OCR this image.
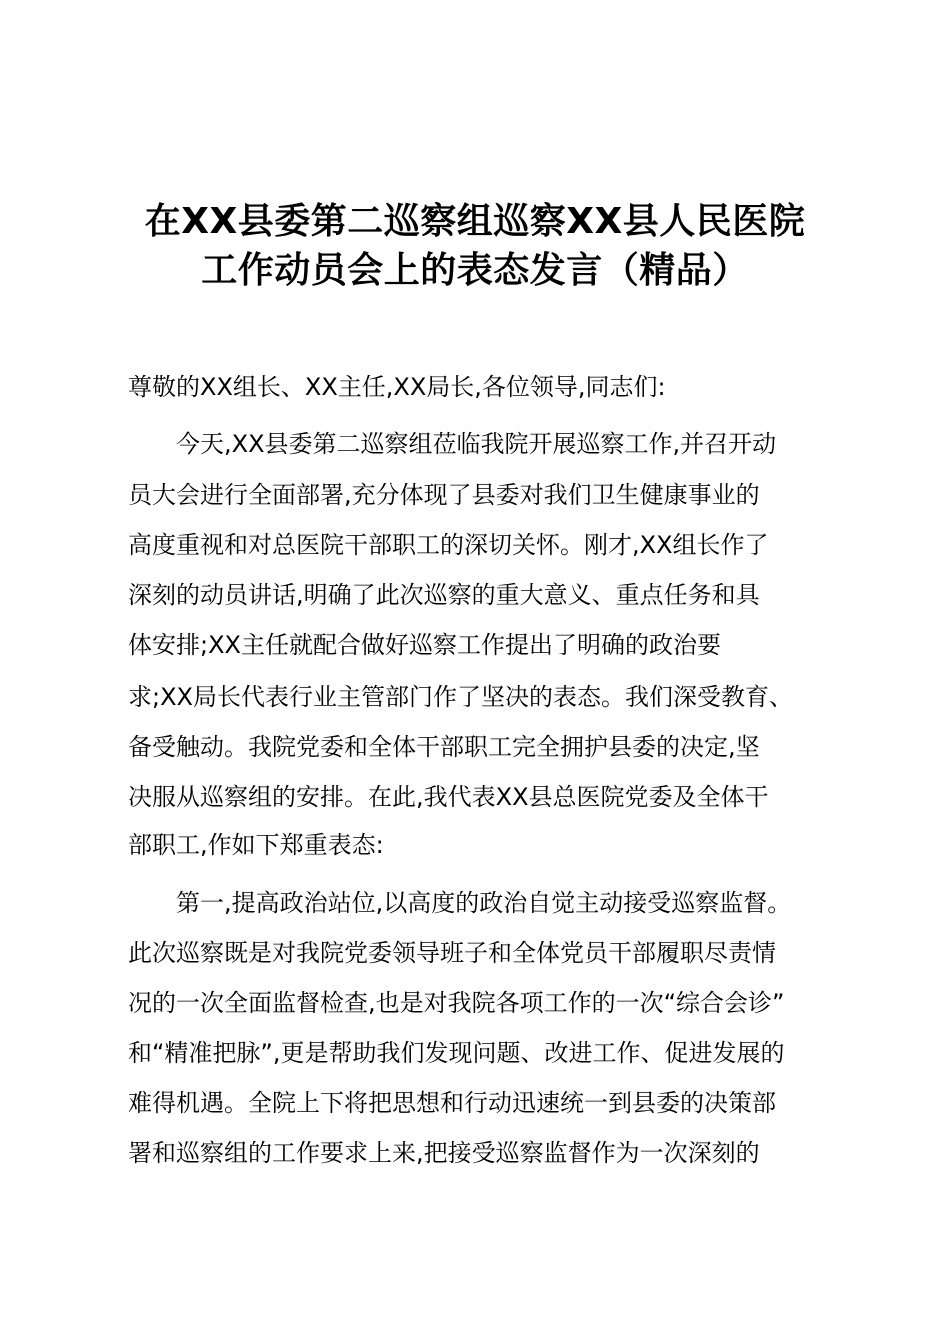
在XX县委第二巡察组巡察XX县人民医院
工作动员会上的表态发言（精品）
尊敬的XX组长、XX主任,XX局长,各位领导,同志们:
今天,XX县委第二巡察组莅临我院开展巡察工作,并召开动
员大会进行全面部署,充分体现了县委对我们卫生健康事业的
高度重视和对总医院干部职工的深切关怀。刚才,XX组长作了
深刻的动员讲话,明确了此次巡察的重大意义、重点任务和具
体安排;XX主任就配合做好巡察工作提出了明确的政治要
求;XX局长代表行业主管部门作了坚决的表态。我们深受教育、
备受触动。我院党委和全体干部职工完全拥护县委的决定,坚
决服从巡察组的安排。在此,我代表XX县总医院党委及全体干
部职工,作如下郑重表态:
第一,提高政治站位,以高度的政治自觉主动接受巡察监督。
此次巡察既是对我院党委领导班子和全体党员干部履职尽责情
况的一次全面监督检查,也是对我院各项工作的一次“综合会诊”
和“精准把脉”,更是帮助我们发现问题、改进工作、促进发展的
难得机遇。全院上下将把思想和行动迅速统一到县委的决策部
署和巡察组的工作要求上来,把接受巡察监督作为一次深刻的
